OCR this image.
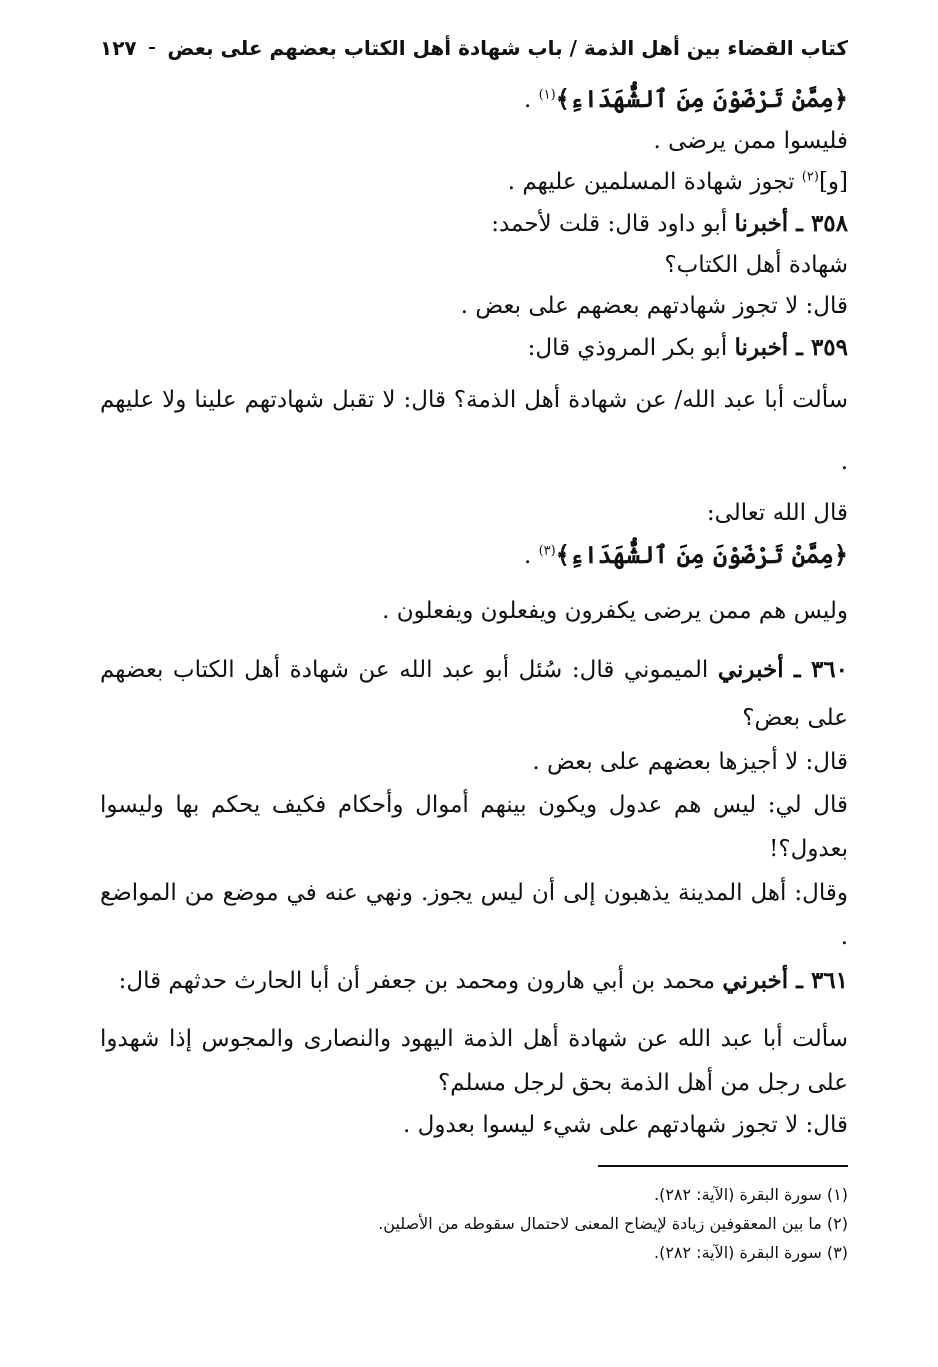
كتاب القضاء بين أهل الذمة / باب شهادة أهل الكتاب بعضهم على بعض
١٢٧

﴿مِمَّنْ تَرْضَوْنَ مِنَ ٱلشُّهَدَاءِ﴾$^{(١)}$ .

فليسوا ممن يرضى .

[و]$^{(٢)}$ تجوز شهادة المسلمين عليهم .

٣٥٨ ـ أخبرنا أبو داود قال: قلت لأحمد:

شهادة أهل الكتاب؟

قال: لا تجوز شهادتهم بعضهم على بعض .

٣٥٩ ـ أخبرنا أبو بكر المروذي قال:

سألت أبا عبد الله/ عن شهادة أهل الذمة؟ قال: لا تقبل شهادتهم علينا ولا عليهم .

قال الله تعالى:

﴿مِمَّنْ تَرْضَوْنَ مِنَ ٱلشُّهَدَاءِ﴾$^{(٣)}$ .

وليس هم ممن يرضى يكفرون ويفعلون ويفعلون .

٣٦٠ ـ أخبرني الميموني قال: سُئل أبو عبد الله عن شهادة أهل الكتاب بعضهم على بعض؟

قال: لا أجيزها بعضهم على بعض .

قال لي: ليس هم عدول ويكون بينهم أموال وأحكام فكيف يحكم بها وليسوا بعدول؟!

وقال: أهل المدينة يذهبون إلى أن ليس يجوز. ونهي عنه في موضع من المواضع .

٣٦١ ـ أخبرني محمد بن أبي هارون ومحمد بن جعفر أن أبا الحارث حدثهم قال:

سألت أبا عبد الله عن شهادة أهل الذمة اليهود والنصارى والمجوس إذا شهدوا على رجل من أهل الذمة بحق لرجل مسلم؟

قال: لا تجوز شهادتهم على شيء ليسوا بعدول .

(١) سورة البقرة (الآية: ٢٨٢).

(٢) ما بين المعقوفين زيادة لإيضاح المعنى لاحتمال سقوطه من الأصلين.

(٣) سورة البقرة (الآية: ٢٨٢).
